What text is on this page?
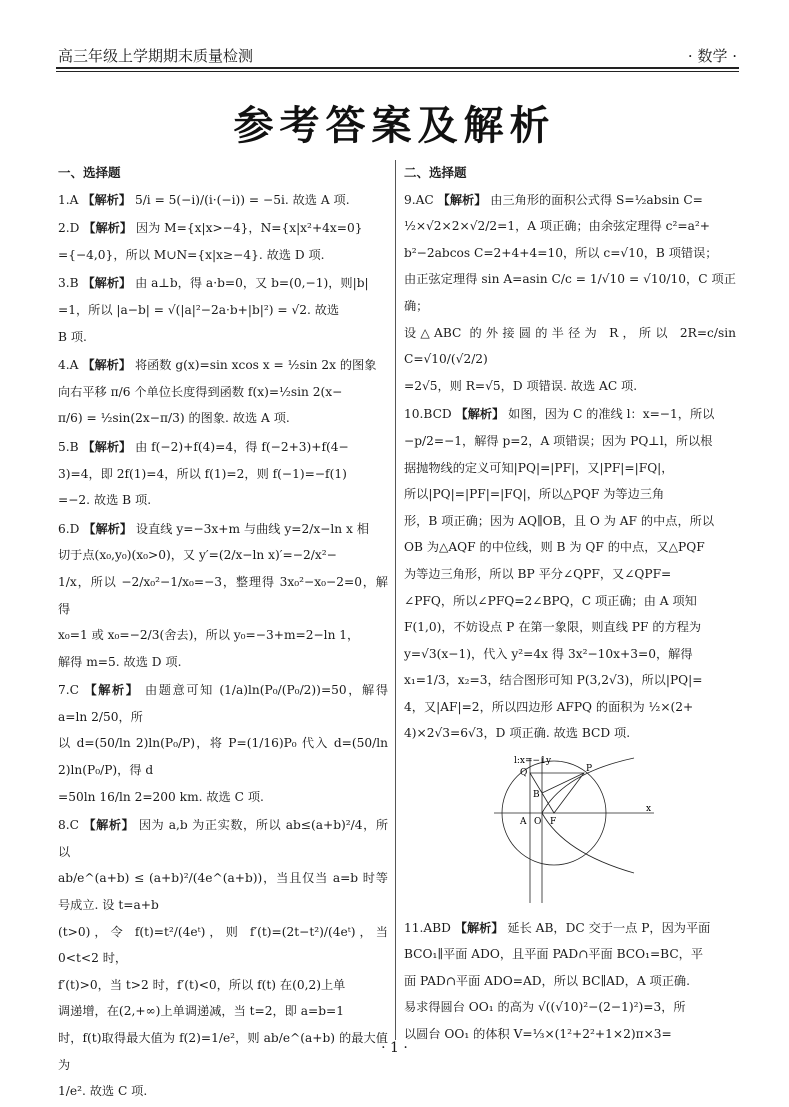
高三年级上学期期末质量检测	· 数学 ·
参考答案及解析
一、选择题

1.A 【解析】 5/i = 5(−i)/(i·(−i)) = −5i. 故选 A 项.

2.D 【解析】 因为 M={x|x>−4}，N={x|x²+4x=0}

={−4,0}，所以 M∪N={x|x≥−4}. 故选 D 项.

3.B 【解析】 由 a⊥b，得 a·b=0，又 b=(0,−1)，则|b|

=1，所以 |a−b| = √(|a|²−2a·b+|b|²) = √2. 故选

B 项.

4.A 【解析】 将函数 g(x)=sin xcos x = ½sin 2x 的图象

向右平移 π/6 个单位长度得到函数 f(x)=½sin 2(x−

π/6) = ½sin(2x−π/3) 的图象. 故选 A 项.

5.B 【解析】 由 f(−2)+f(4)=4，得 f(−2+3)+f(4−

3)=4，即 2f(1)=4，所以 f(1)=2，则 f(−1)=−f(1)

=−2. 故选 B 项.

6.D 【解析】 设直线 y=−3x+m 与曲线 y=2/x−ln x 相

切于点(x₀,y₀)(x₀>0)，又 y′=(2/x−ln x)′=−2/x²−

1/x，所以 −2/x₀²−1/x₀=−3，整理得 3x₀²−x₀−2=0，解得

x₀=1 或 x₀=−2/3(舍去)，所以 y₀=−3+m=2−ln 1，

解得 m=5. 故选 D 项.

7.C 【解析】 由题意可知 (1/a)ln(P₀/(P₀/2))=50，解得 a=ln 2/50，所

以 d=(50/ln 2)ln(P₀/P)，将 P=(1/16)P₀ 代入 d=(50/ln 2)ln(P₀/P)，得 d

=50ln 16/ln 2=200 km. 故选 C 项.

8.C 【解析】 因为 a,b 为正实数，所以 ab≤(a+b)²/4，所以

ab/e^(a+b) ≤ (a+b)²/(4e^(a+b))，当且仅当 a=b 时等号成立. 设 t=a+b

(t>0)，令 f(t)=t²/(4eᵗ)，则 f′(t)=(2t−t²)/(4eᵗ)，当 0<t<2 时，

f′(t)>0，当 t>2 时，f′(t)<0，所以 f(t) 在(0,2)上单

调递增，在(2,+∞)上单调递减，当 t=2，即 a=b=1

时，f(t)取得最大值为 f(2)=1/e²，则 ab/e^(a+b) 的最大值为

1/e². 故选 C 项.

二、选择题

9.AC 【解析】 由三角形的面积公式得 S=½absin C=

½×√2×2×√2/2=1，A 项正确；由余弦定理得 c²=a²+

b²−2abcos C=2+4+4=10，所以 c=√10，B 项错误；

由正弦定理得 sin A=asin C/c = 1/√10 = √10/10，C 项正确；

设△ABC 的外接圆的半径为 R，所以 2R=c/sin C=√10/(√2/2)

=2√5，则 R=√5，D 项错误. 故选 AC 项.

10.BCD 【解析】 如图，因为 C 的准线 l：x=−1，所以

−p/2=−1，解得 p=2，A 项错误；因为 PQ⊥l，所以根

据抛物线的定义可知|PQ|=|PF|，又|PF|=|FQ|，

所以|PQ|=|PF|=|FQ|，所以△PQF 为等边三角

形，B 项正确；因为 AQ∥OB，且 O 为 AF 的中点，所以

OB 为△AQF 的中位线，则 B 为 QF 的中点，又△PQF

为等边三角形，所以 BP 平分∠QPF，又∠QPF=

∠PFQ，所以∠PFQ=2∠BPQ，C 项正确；由 A 项知

F(1,0)，不妨设点 P 在第一象限，则直线 PF 的方程为

y=√3(x−1)，代入 y²=4x 得 3x²−10x+3=0，解得

x₁=1/3，x₂=3，结合图形可知 P(3,2√3)，所以|PQ|=

4，又|AF|=2，所以四边形 AFPQ 的面积为 ½×(2+

4)×2√3=6√3，D 项正确. 故选 BCD 项.

l:x=−1 y
x
Q	P
B
A O F

11.ABD 【解析】 延长 AB，DC 交于一点 P，因为平面

BCO₁∥平面 ADO，且平面 PAD∩平面 BCO₁=BC，平

面 PAD∩平面 ADO=AD，所以 BC∥AD，A 项正确.

易求得圆台 OO₁ 的高为 √((√10)²−(2−1)²)=3，所

以圆台 OO₁ 的体积 V=⅓×(1²+2²+1×2)π×3=

· 1 ·
